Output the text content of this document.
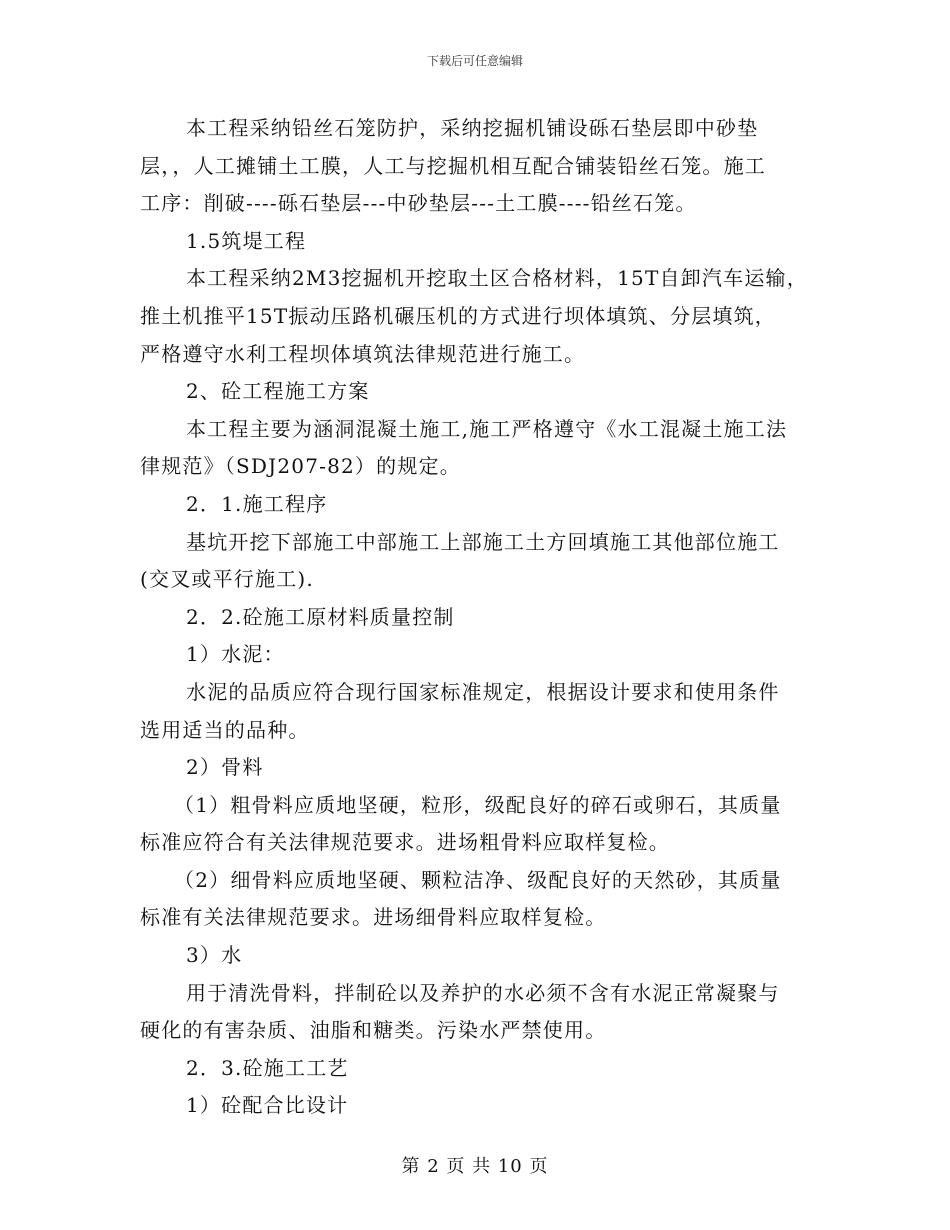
下载后可任意编辑
本工程采纳铅丝石笼防护，采纳挖掘机铺设砾石垫层即中砂垫
层，，人工摊铺土工膜，人工与挖掘机相互配合铺装铅丝石笼。施工
工序：削破----砾石垫层---中砂垫层---土工膜----铅丝石笼。
1.5筑堤工程
本工程采纳2M3挖掘机开挖取土区合格材料，15T自卸汽车运输，
推土机推平15T振动压路机碾压机的方式进行坝体填筑、分层填筑，
严格遵守水利工程坝体填筑法律规范进行施工。
2、砼工程施工方案
本工程主要为涵洞混凝土施工,施工严格遵守《水工混凝土施工法
律规范》（SDJ207-82）的规定。
2．1.施工程序
基坑开挖下部施工中部施工上部施工土方回填施工其他部位施工
(交叉或平行施工).
2．2.砼施工原材料质量控制
1）水泥：
水泥的品质应符合现行国家标准规定，根据设计要求和使用条件
选用适当的品种。
2）骨料
（1）粗骨料应质地坚硬，粒形，级配良好的碎石或卵石，其质量
标准应符合有关法律规范要求。进场粗骨料应取样复检。
（2）细骨料应质地坚硬、颗粒洁净、级配良好的天然砂，其质量
标准有关法律规范要求。进场细骨料应取样复检。
3）水
用于清洗骨料，拌制砼以及养护的水必须不含有水泥正常凝聚与
硬化的有害杂质、油脂和糖类。污染水严禁使用。
2．3.砼施工工艺
1）砼配合比设计
第 2 页 共 10 页
